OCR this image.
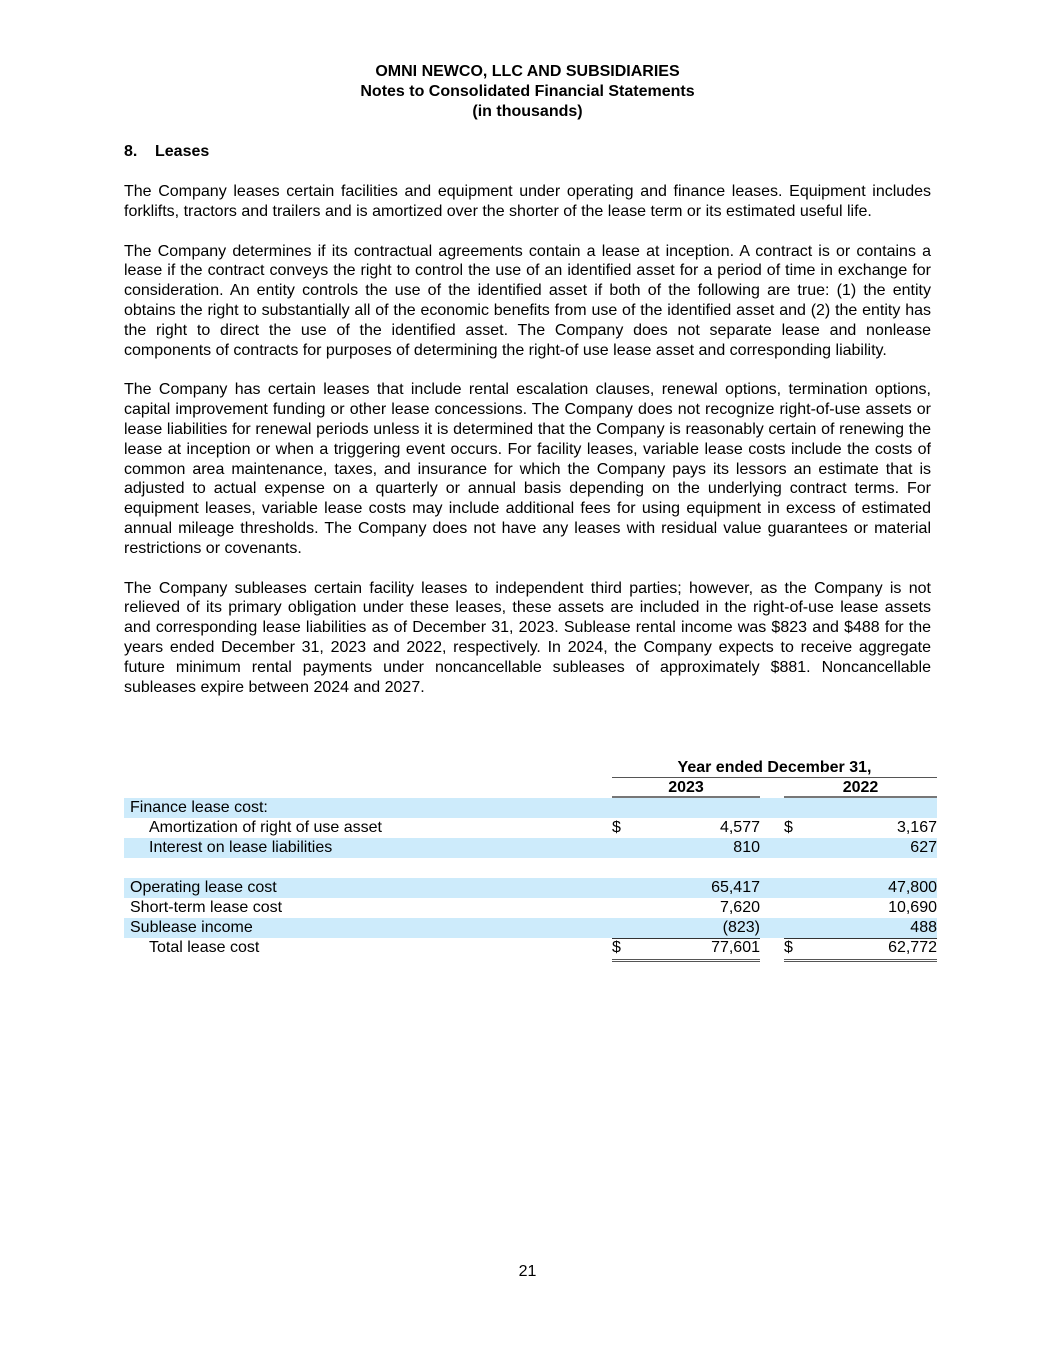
OMNI NEWCO, LLC AND SUBSIDIARIES
Notes to Consolidated Financial Statements
(in thousands)
8. Leases

The Company leases certain facilities and equipment under operating and finance leases. Equipment includes forklifts, tractors and trailers and is amortized over the shorter of the lease term or its estimated useful life.

The Company determines if its contractual agreements contain a lease at inception. A contract is or contains a lease if the contract conveys the right to control the use of an identified asset for a period of time in exchange for consideration. An entity controls the use of the identified asset if both of the following are true: (1) the entity obtains the right to substantially all of the economic benefits from use of the identified asset and (2) the entity has the right to direct the use of the identified asset. The Company does not separate lease and nonlease components of contracts for purposes of determining the right-of use lease asset and corresponding liability.

The Company has certain leases that include rental escalation clauses, renewal options, termination options, capital improvement funding or other lease concessions. The Company does not recognize right-of-use assets or lease liabilities for renewal periods unless it is determined that the Company is reasonably certain of renewing the lease at inception or when a triggering event occurs. For facility leases, variable lease costs include the costs of common area maintenance, taxes, and insurance for which the Company pays its lessors an estimate that is adjusted to actual expense on a quarterly or annual basis depending on the underlying contract terms. For equipment leases, variable lease costs may include additional fees for using equipment in excess of estimated annual mileage thresholds. The Company does not have any leases with residual value guarantees or material restrictions or covenants.

The Company subleases certain facility leases to independent third parties; however, as the Company is not relieved of its primary obligation under these leases, these assets are included in the right-of-use lease assets and corresponding lease liabilities as of December 31, 2023. Sublease rental income was $823 and $488 for the years ended December 31, 2023 and 2022, respectively. In 2024, the Company expects to receive aggregate future minimum rental payments under noncancellable subleases of approximately $881. Noncancellable subleases expire between 2024 and 2027.

Year ended December 31,
2023	2022
Finance lease cost:
Amortization of right of use asset	$	4,577 $	3,167
Interest on lease liabilities	810	627
Operating lease cost	65,417	47,800
Short-term lease cost	7,620	10,690
Sublease income	(823)	488
Total lease cost	$	77,601 $	62,772
21
